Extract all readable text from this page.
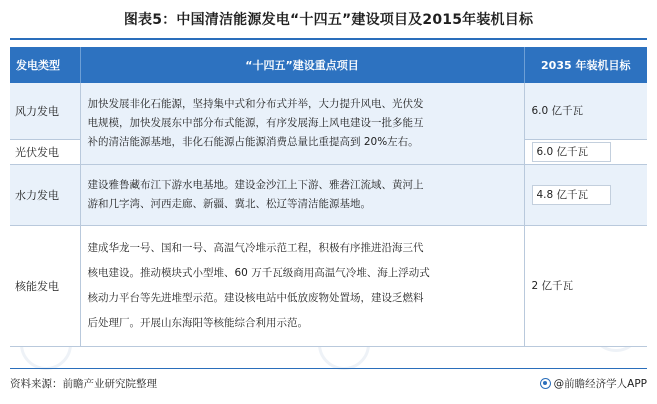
图表5：中国清洁能源发电“十四五”建设项目及2015年装机目标
发电类型	“十四五”建设重点项目	2035 年装机目标
风力发电	加快发展非化石能源，坚持集中式和分布式并举，大力提升风电、光伏发
电规模，加快发展东中部分布式能源，有序发展海上风电建设一批多能互
补的清洁能源基地，非化石能源占能源消费总量比重提高到 20%左右。	6.0 亿千瓦
光伏发电		6.0 亿千瓦
水力发电	建设雅鲁藏布江下游水电基地。建设金沙江上下游、雅砻江流域、黄河上
游和几字湾、河西走廊、新疆、冀北、松辽等清洁能源基地。	4.8 亿千瓦
核能发电	建成华龙一号、国和一号、高温气冷堆示范工程，积极有序推进沿海三代
核电建设。推动模块式小型堆、60 万千瓦级商用高温气冷堆、海上浮动式
核动力平台等先进堆型示范。建设核电站中低放废物处置场，建设乏燃料
后处理厂。开展山东海阳等核能综合利用示范。	2 亿千瓦
资料来源：前瞻产业研究院整理	@前瞻经济学人APP
